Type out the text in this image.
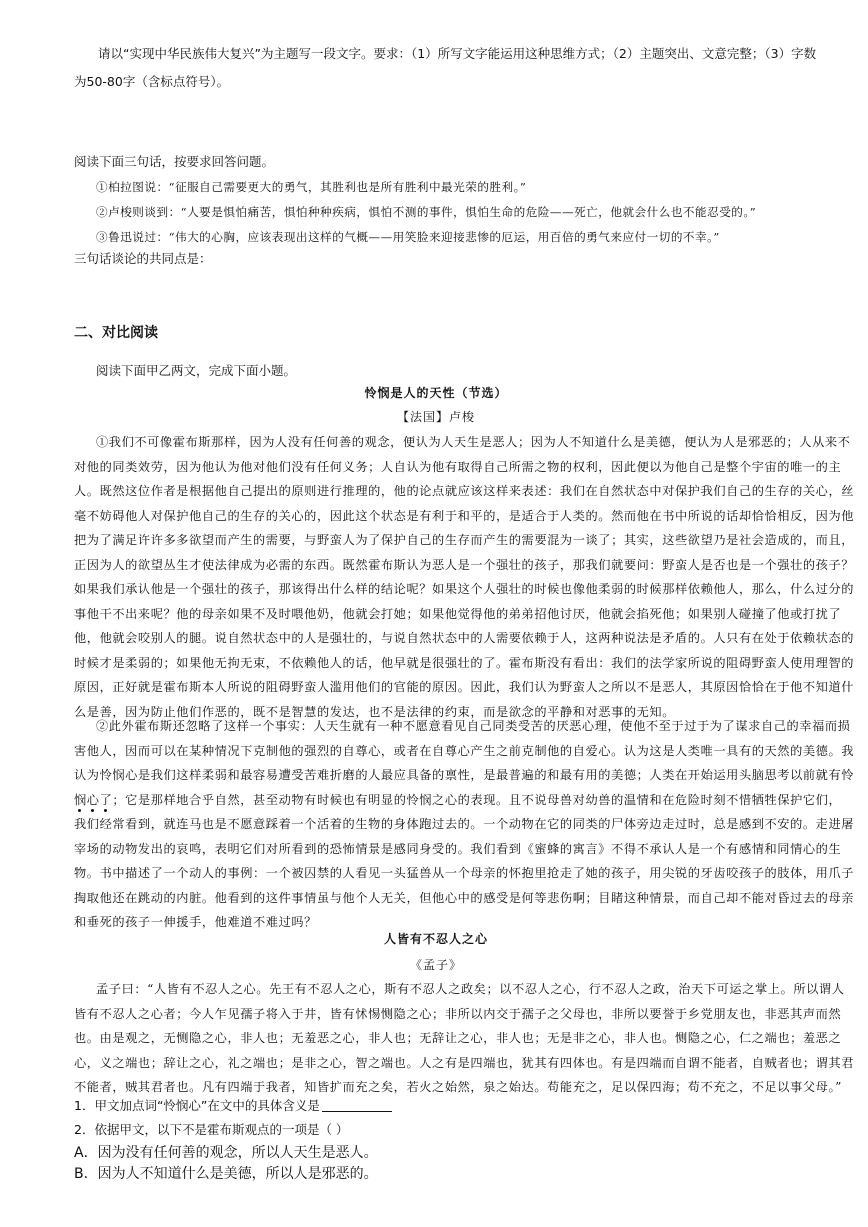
请以“实现中华民族伟大复兴”为主题写一段文字。要求：（1）所写文字能运用这种思维方式；（2）主题突出、文意完整；（3）字数
为50-80字（含标点符号）。
阅读下面三句话，按要求回答问题。
①柏拉图说：“征服自己需要更大的勇气，其胜利也是所有胜利中最光荣的胜利。”
②卢梭则谈到：“人要是惧怕痛苦，惧怕种种疾病，惧怕不测的事件，惧怕生命的危险——死亡，他就会什么也不能忍受的。”
③鲁迅说过：“伟大的心胸，应该表现出这样的气概——用笑脸来迎接悲惨的厄运，用百倍的勇气来应付一切的不幸。”
三句话谈论的共同点是：
二、对比阅读
阅读下面甲乙两文，完成下面小题。
怜悯是人的天性（节选）
【法国】卢梭
①我们不可像霍布斯那样，因为人没有任何善的观念，便认为人天生是恶人；因为人不知道什么是美德，便认为人是邪恶的；人从来不
对他的同类效劳，因为他认为他对他们没有任何义务；人自认为他有取得自己所需之物的权利，因此便以为他自己是整个宇宙的唯一的主
人。既然这位作者是根据他自己提出的原则进行推理的，他的论点就应该这样来表述：我们在自然状态中对保护我们自己的生存的关心，丝
毫不妨碍他人对保护他自己的生存的关心的，因此这个状态是有利于和平的，是适合于人类的。然而他在书中所说的话却恰恰相反，因为他
把为了满足许许多多欲望而产生的需要，与野蛮人为了保护自己的生存而产生的需要混为一谈了；其实，这些欲望乃是社会造成的，而且，
正因为人的欲望丛生才使法律成为必需的东西。既然霍布斯认为恶人是一个强壮的孩子，那我们就要问：野蛮人是否也是一个强壮的孩子？
如果我们承认他是一个强壮的孩子，那该得出什么样的结论呢？如果这个人强壮的时候也像他柔弱的时候那样依赖他人，那么，什么过分的
事他干不出来呢？他的母亲如果不及时喂他奶，他就会打她；如果他觉得他的弟弟招他讨厌，他就会掐死他；如果别人碰撞了他或打扰了
他，他就会咬别人的腿。说自然状态中的人是强壮的，与说自然状态中的人需要依赖于人，这两种说法是矛盾的。人只有在处于依赖状态的
时候才是柔弱的；如果他无拘无束，不依赖他人的话，他早就是很强壮的了。霍布斯没有看出：我们的法学家所说的阻碍野蛮人使用理智的
原因，正好就是霍布斯本人所说的阻碍野蛮人滥用他们的官能的原因。因此，我们认为野蛮人之所以不是恶人，其原因恰恰在于他不知道什
么是善，因为防止他们作恶的，既不是智慧的发达，也不是法律的约束，而是欲念的平静和对恶事的无知。
②此外霍布斯还忽略了这样一个事实：人天生就有一种不愿意看见自己同类受苦的厌恶心理，使他不至于过于为了谋求自己的幸福而损
害他人，因而可以在某种情况下克制他的强烈的自尊心，或者在自尊心产生之前克制他的自爱心。认为这是人类唯一具有的天然的美德。我
认为怜悯心是我们这样柔弱和最容易遭受苦难折磨的人最应具备的禀性，是最普遍的和最有用的美德；人类在开始运用头脑思考以前就有怜
悯心
了；它是那样地合乎自然，甚至动物有时候也有明显的怜悯之心的表现。且不说母兽对幼兽的温情和在危险时刻不惜牺牲保护它们，
我们经常看到，就连马也是不愿意踩着一个活着的生物的身体跑过去的。一个动物在它的同类的尸体旁边走过时，总是感到不安的。走进屠
宰场的动物发出的哀鸣，表明它们对所看到的恐怖情景是感同身受的。我们看到《蜜蜂的寓言》不得不承认人是一个有感情和同情心的生
物。书中描述了一个动人的事例：一个被囚禁的人看见一头猛兽从一个母亲的怀抱里抢走了她的孩子，用尖锐的牙齿咬孩子的肢体，用爪子
掏取他还在跳动的内脏。他看到的这件事情虽与他个人无关，但他心中的感受是何等悲伤啊；目睹这种情景，而自己却不能对昏过去的母亲
和垂死的孩子一伸援手，他难道不难过吗？
人皆有不忍人之心
《孟子》
孟子曰：“人皆有不忍人之心。先王有不忍人之心，斯有不忍人之政矣；以不忍人之心，行不忍人之政，治天下可运之掌上。所以谓人
皆有不忍人之心者；今人乍见孺子将入于井，皆有怵惕恻隐之心；非所以内交于孺子之父母也，非所以要誉于乡党朋友也，非恶其声而然
也。由是观之，无恻隐之心，非人也；无羞恶之心，非人也；无辞让之心，非人也；无是非之心，非人也。恻隐之心，仁之端也；羞恶之
心，义之端也；辞让之心，礼之端也；是非之心，智之端也。人之有是四端也，犹其有四体也。有是四端而自谓不能者，自贼者也；谓其君
不能者，贼其君者也。凡有四端于我者，知皆扩而充之矣，若火之始然，泉之始达。苟能充之，足以保四海；苟不充之，不足以事父母。”
1．甲文加点词“怜悯心”在文中的具体含义是
2．依据甲文，以下不是霍布斯观点的一项是（ ）
A．因为没有任何善的观念，所以人天生是恶人。
B．因为人不知道什么是美德，所以人是邪恶的。
